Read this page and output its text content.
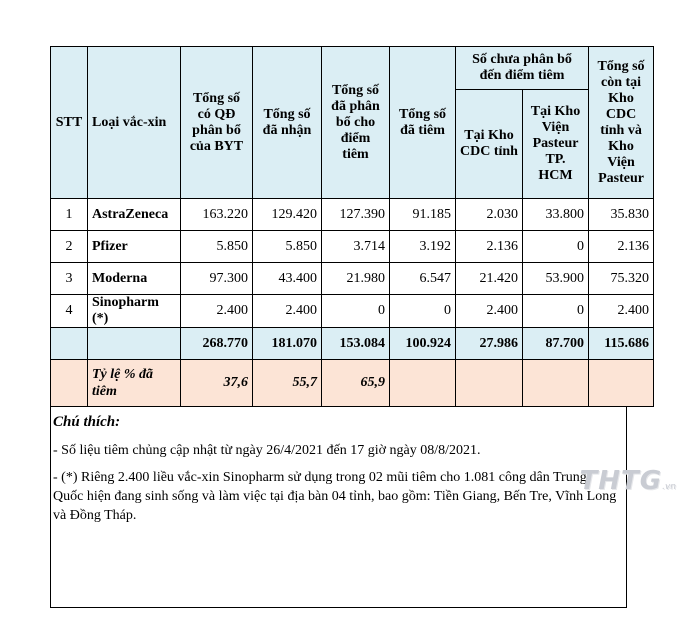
STT	Loại vắc-xin	Tổng số có QĐ phân bổ của BYT	Tổng số đã nhận	Tổng số đã phân bổ cho điểm tiêm	Tổng số đã tiêm	Số chưa phân bổ đến điểm tiêm		Tổng số còn tại Kho CDC tỉnh và Kho Viện Pasteur
						Tại Kho CDC tỉnh	Tại Kho Viện Pasteur TP. HCM	
1	AstraZeneca	163.220	129.420	127.390	91.185	2.030	33.800	35.830
2	Pfizer	5.850	5.850	3.714	3.192	2.136	0	2.136
3	Moderna	97.300	43.400	21.980	6.547	21.420	53.900	75.320
4	Sinopharm (*)	2.400	2.400	0	0	2.400	0	2.400
		268.770	181.070	153.084	100.924	27.986	87.700	115.686
	Tỷ lệ % đã tiêm	37,6	55,7	65,9				
Chú thích:

- Số liệu tiêm chủng cập nhật từ ngày 26/4/2021 đến 17 giờ ngày 08/8/2021.

- (*) Riêng 2.400 liều vắc-xin Sinopharm sử dụng trong 02 mũi tiêm cho 1.081 công dân Trung Quốc hiện đang sinh sống và làm việc tại địa bàn 04 tỉnh, bao gồm: Tiền Giang, Bến Tre, Vĩnh Long và Đồng Tháp.

THTG.vn
